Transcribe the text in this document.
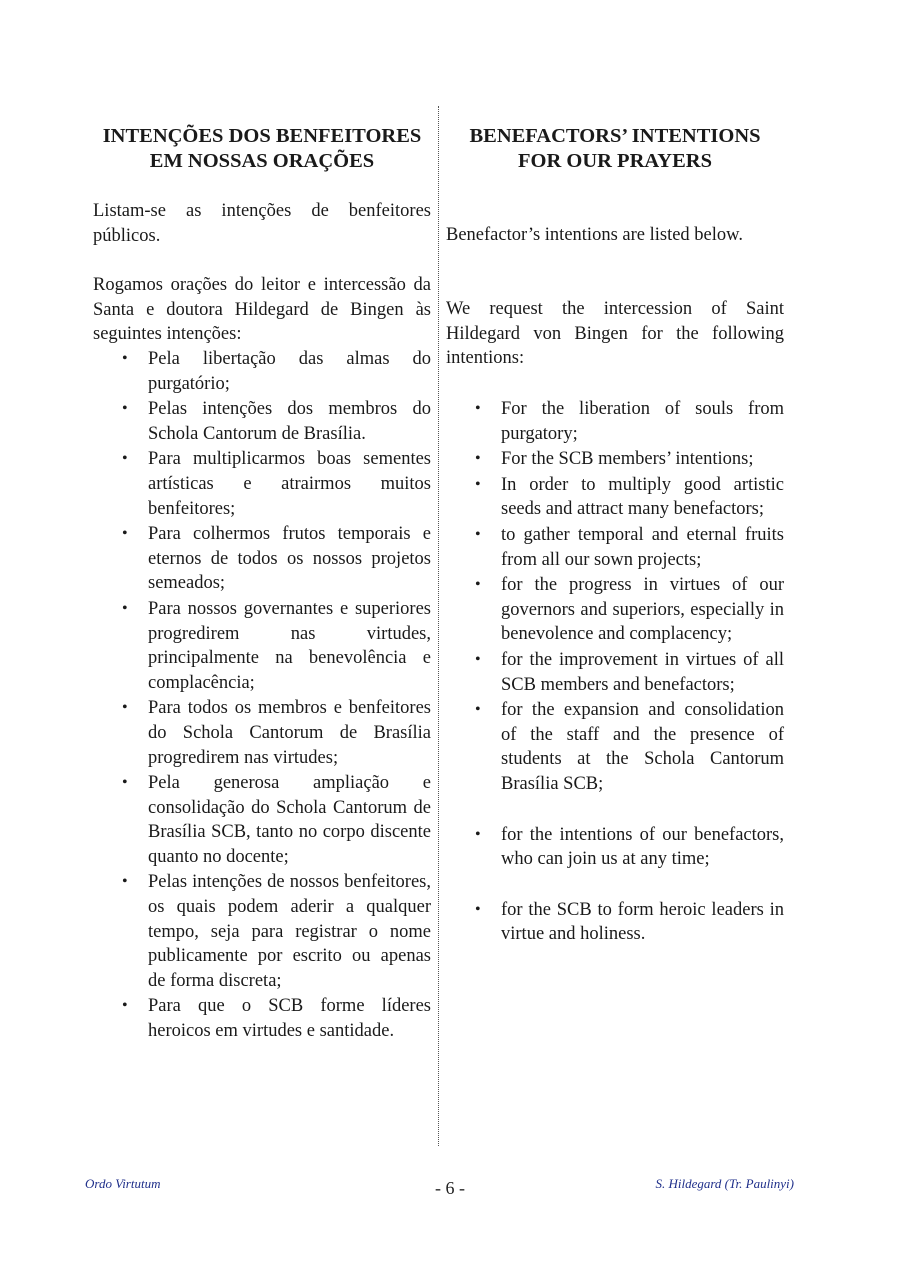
INTENÇÕES DOS BENFEITORES EM NOSSAS ORAÇÕES

Listam-se as intenções de benfeitores públicos.

Rogamos orações do leitor e intercessão da Santa e doutora Hildegard de Bingen às seguintes intenções:

• Pela libertação das almas do purgatório;
• Pelas intenções dos membros do Schola Cantorum de Brasília.
• Para multiplicarmos boas sementes artísticas e atrairmos muitos benfeitores;
• Para colhermos frutos temporais e eternos de todos os nossos projetos semeados;
• Para nossos governantes e superiores progredirem nas virtudes, principalmente na benevolência e complacência;
• Para todos os membros e benfeitores do Schola Cantorum de Brasília progredirem nas virtudes;
• Pela generosa ampliação e consolidação do Schola Cantorum de Brasília SCB, tanto no corpo discente quanto no docente;
• Pelas intenções de nossos benfeitores, os quais podem aderir a qualquer tempo, seja para registrar o nome publicamente por escrito ou apenas de forma discreta;
• Para que o SCB forme líderes heroicos em virtudes e santidade.
BENEFACTORS’ INTENTIONS FOR OUR PRAYERS

Benefactor’s intentions are listed below.

We request the intercession of Saint Hildegard von Bingen for the following intentions:

• For the liberation of souls from purgatory;
• For the SCB members’ intentions;
• In order to multiply good artistic seeds and attract many benefactors;
• to gather temporal and eternal fruits from all our sown projects;
• for the progress in virtues of our governors and superiors, especially in benevolence and complacency;
• for the improvement in virtues of all SCB members and benefactors;
• for the expansion and consolidation of the staff and the presence of students at the Schola Cantorum Brasília SCB;
• for the intentions of our benefactors, who can join us at any time;
• for the SCB to form heroic leaders in virtue and holiness.
Ordo Virtutum	- 6 -	S. Hildegard (Tr. Paulinyi)
